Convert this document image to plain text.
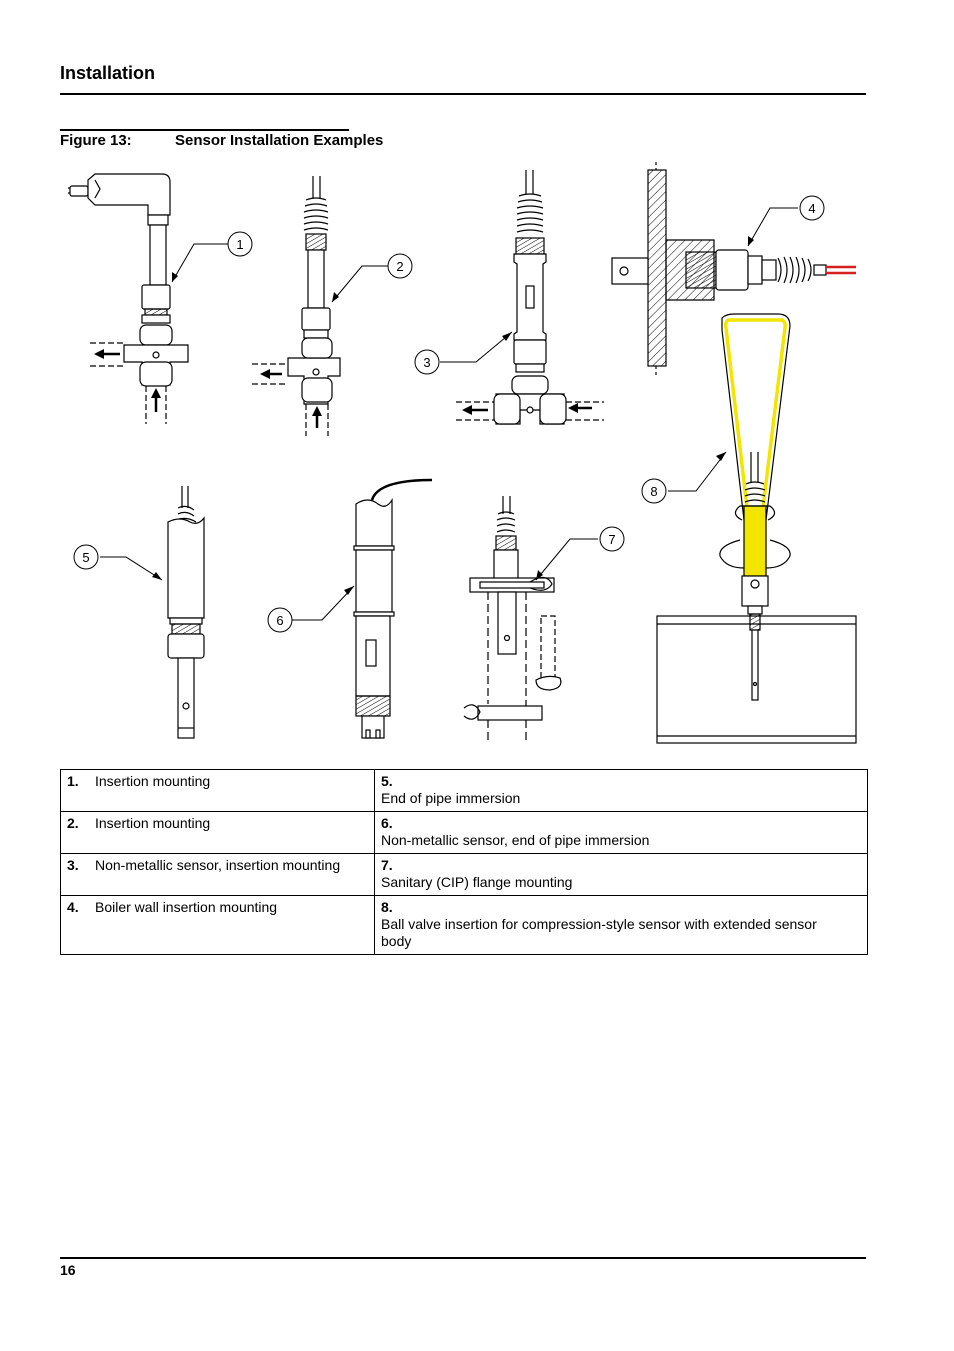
Installation
Figure 13:	Sensor Installation Examples
1
2
3
4
5
6
7
8
1. Insertion mounting	5.End of pipe immersion
2. Insertion mounting	6.Non-metallic sensor, end of pipe immersion
3. Non-metallic sensor, insertion mounting	7.Sanitary (CIP) flange mounting
4. Boiler wall insertion mounting	8.Ball valve insertion for compression-style sensor with extended sensor body
16
